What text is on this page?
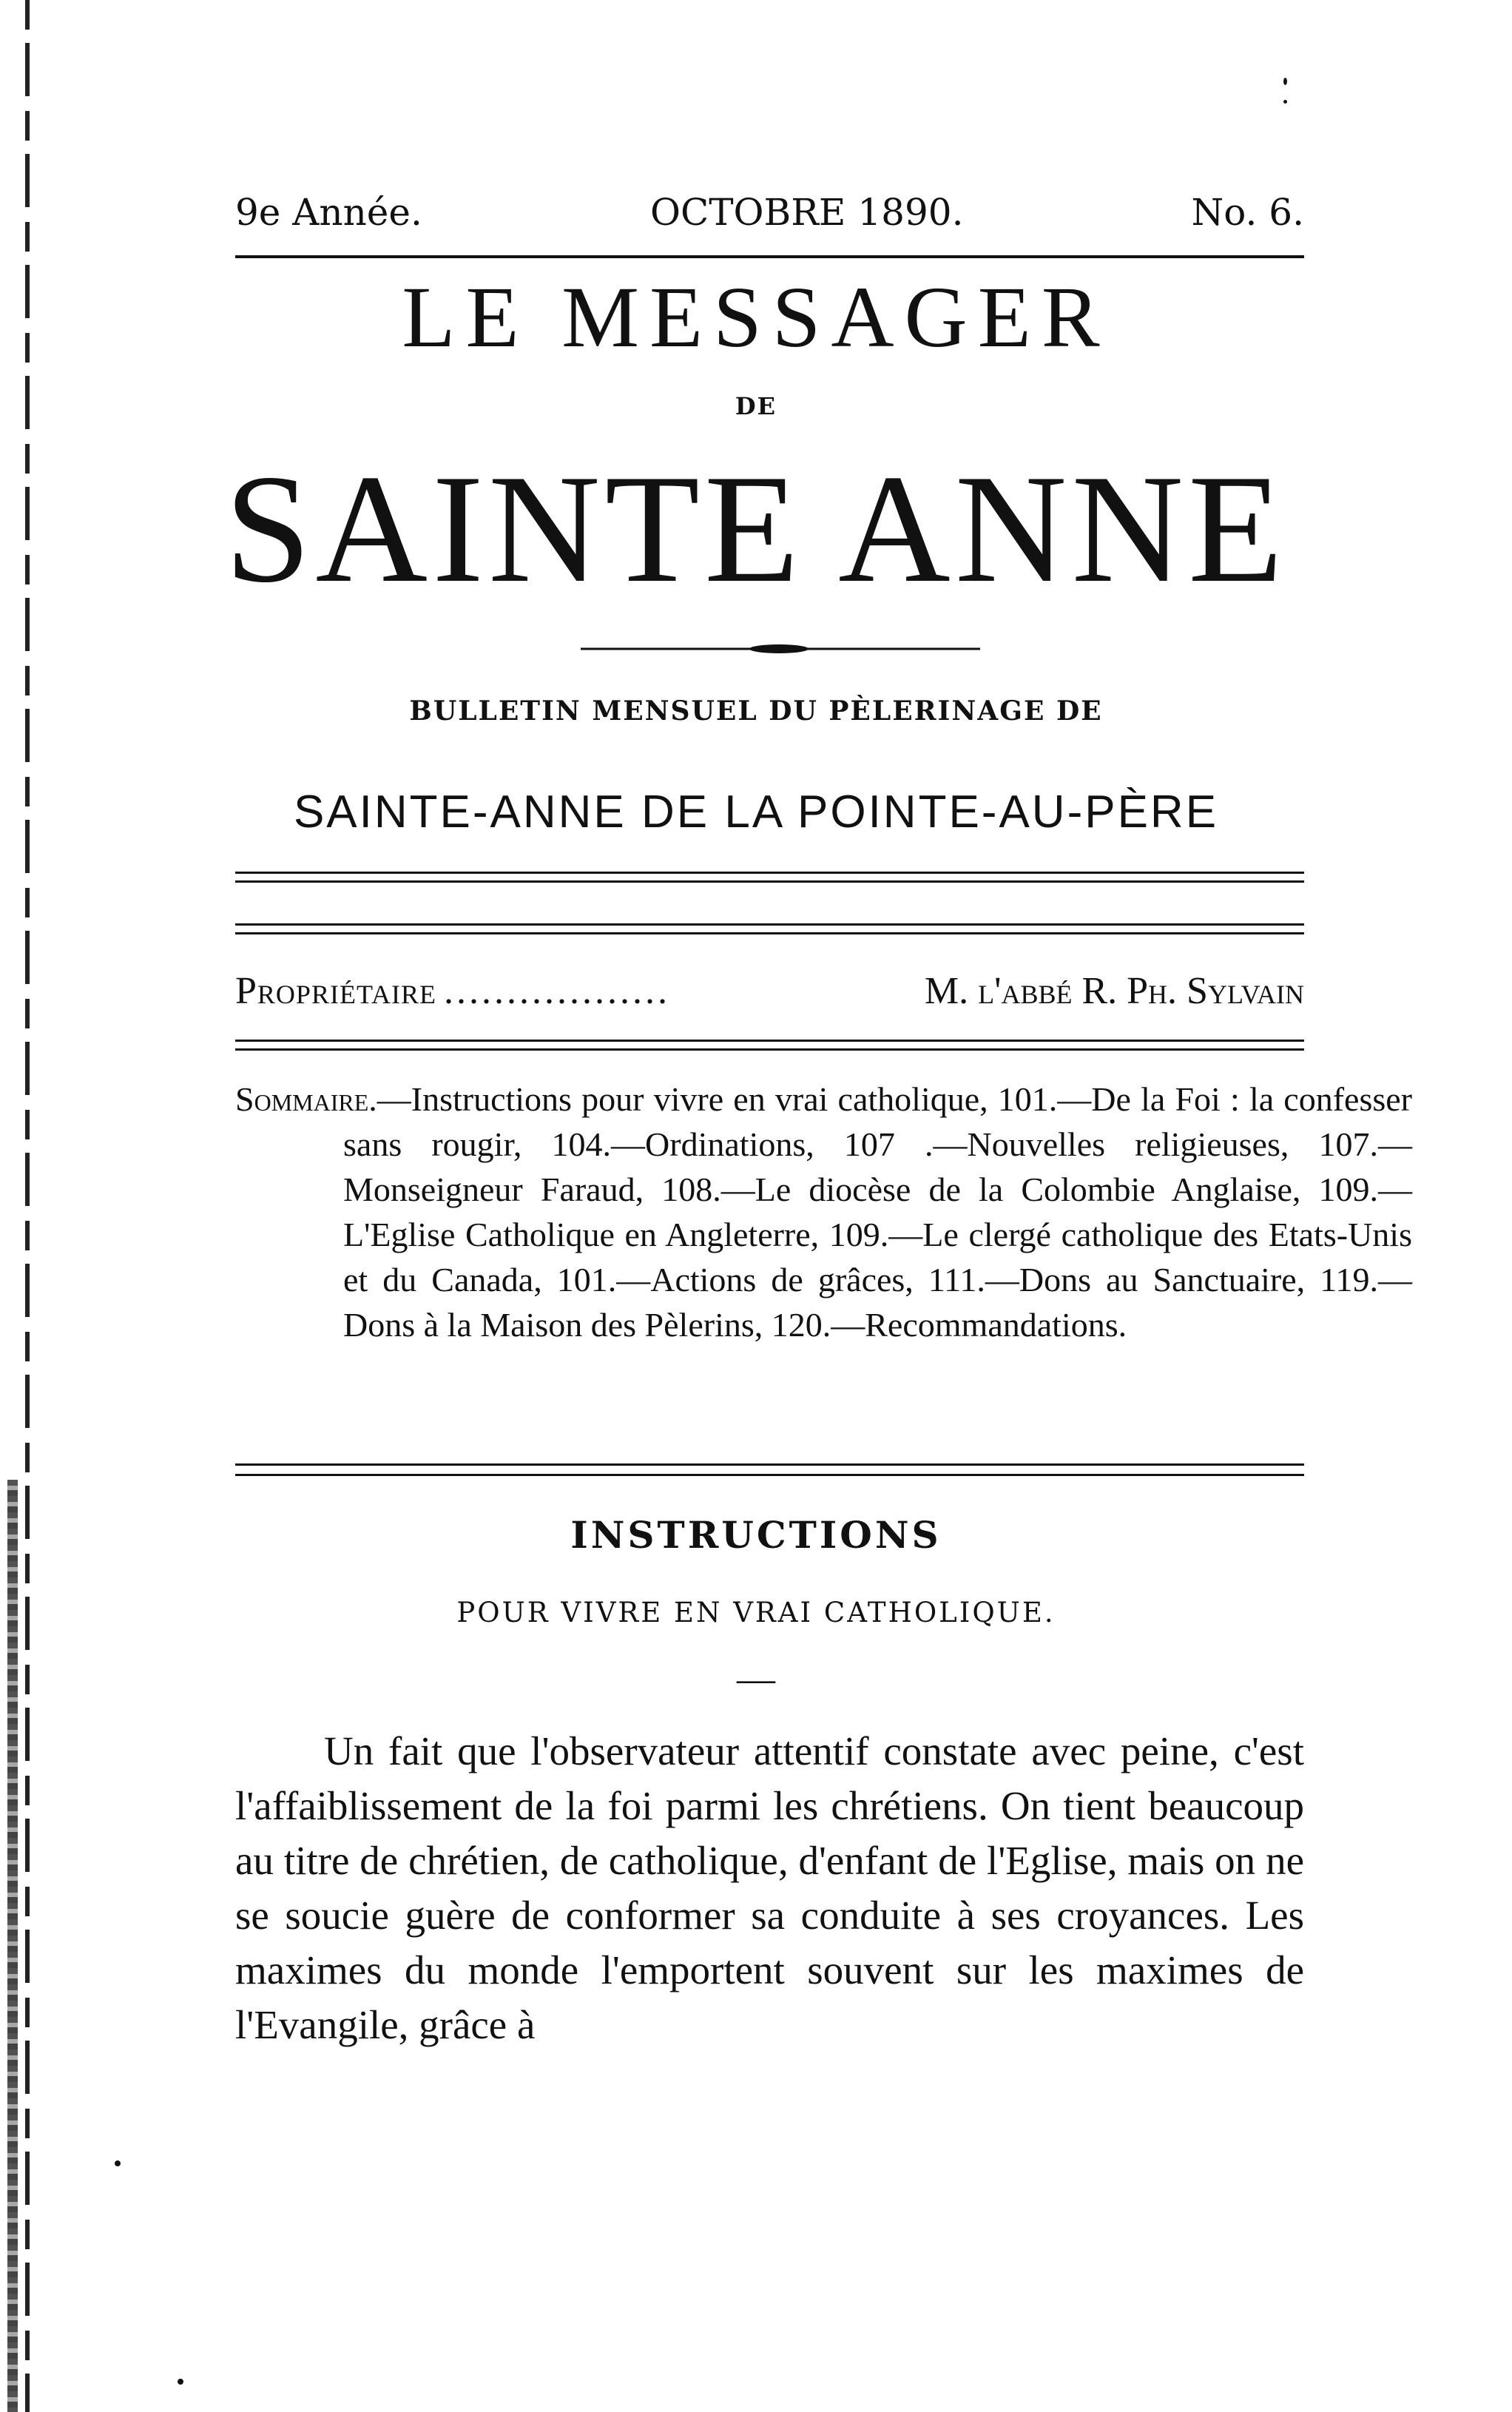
9e Année.	OCTOBRE 1890.	No. 6.
LE MESSAGER
DE
SAINTE ANNE
BULLETIN MENSUEL DU PÈLERINAGE DE
SAINTE-ANNE DE LA POINTE-AU-PÈRE
Propriétaire ..................	M. l'abbé R. Ph. Sylvain
Sommaire.—Instructions pour vivre en vrai catholique, 101.—De la Foi : la confesser sans rougir, 104.—Ordinations, 107 .—Nouvelles religieuses, 107.—Monseigneur Faraud, 108.—Le diocèse de la Colombie Anglaise, 109.—L'Eglise Catholique en Angleterre, 109.—Le clergé catholique des Etats-Unis et du Canada, 101.—Actions de grâces, 111.—Dons au Sanctuaire, 119.—Dons à la Maison des Pèlerins, 120.—Recommandations.
INSTRUCTIONS
POUR VIVRE EN VRAI CATHOLIQUE.
—
Un fait que l'observateur attentif constate avec peine, c'est l'affaiblissement de la foi parmi les chrétiens. On tient beaucoup au titre de chrétien, de catholique, d'enfant de l'Eglise, mais on ne se soucie guère de conformer sa conduite à ses croyances. Les maximes du monde l'emportent souvent sur les maximes de l'Evangile, grâce à
